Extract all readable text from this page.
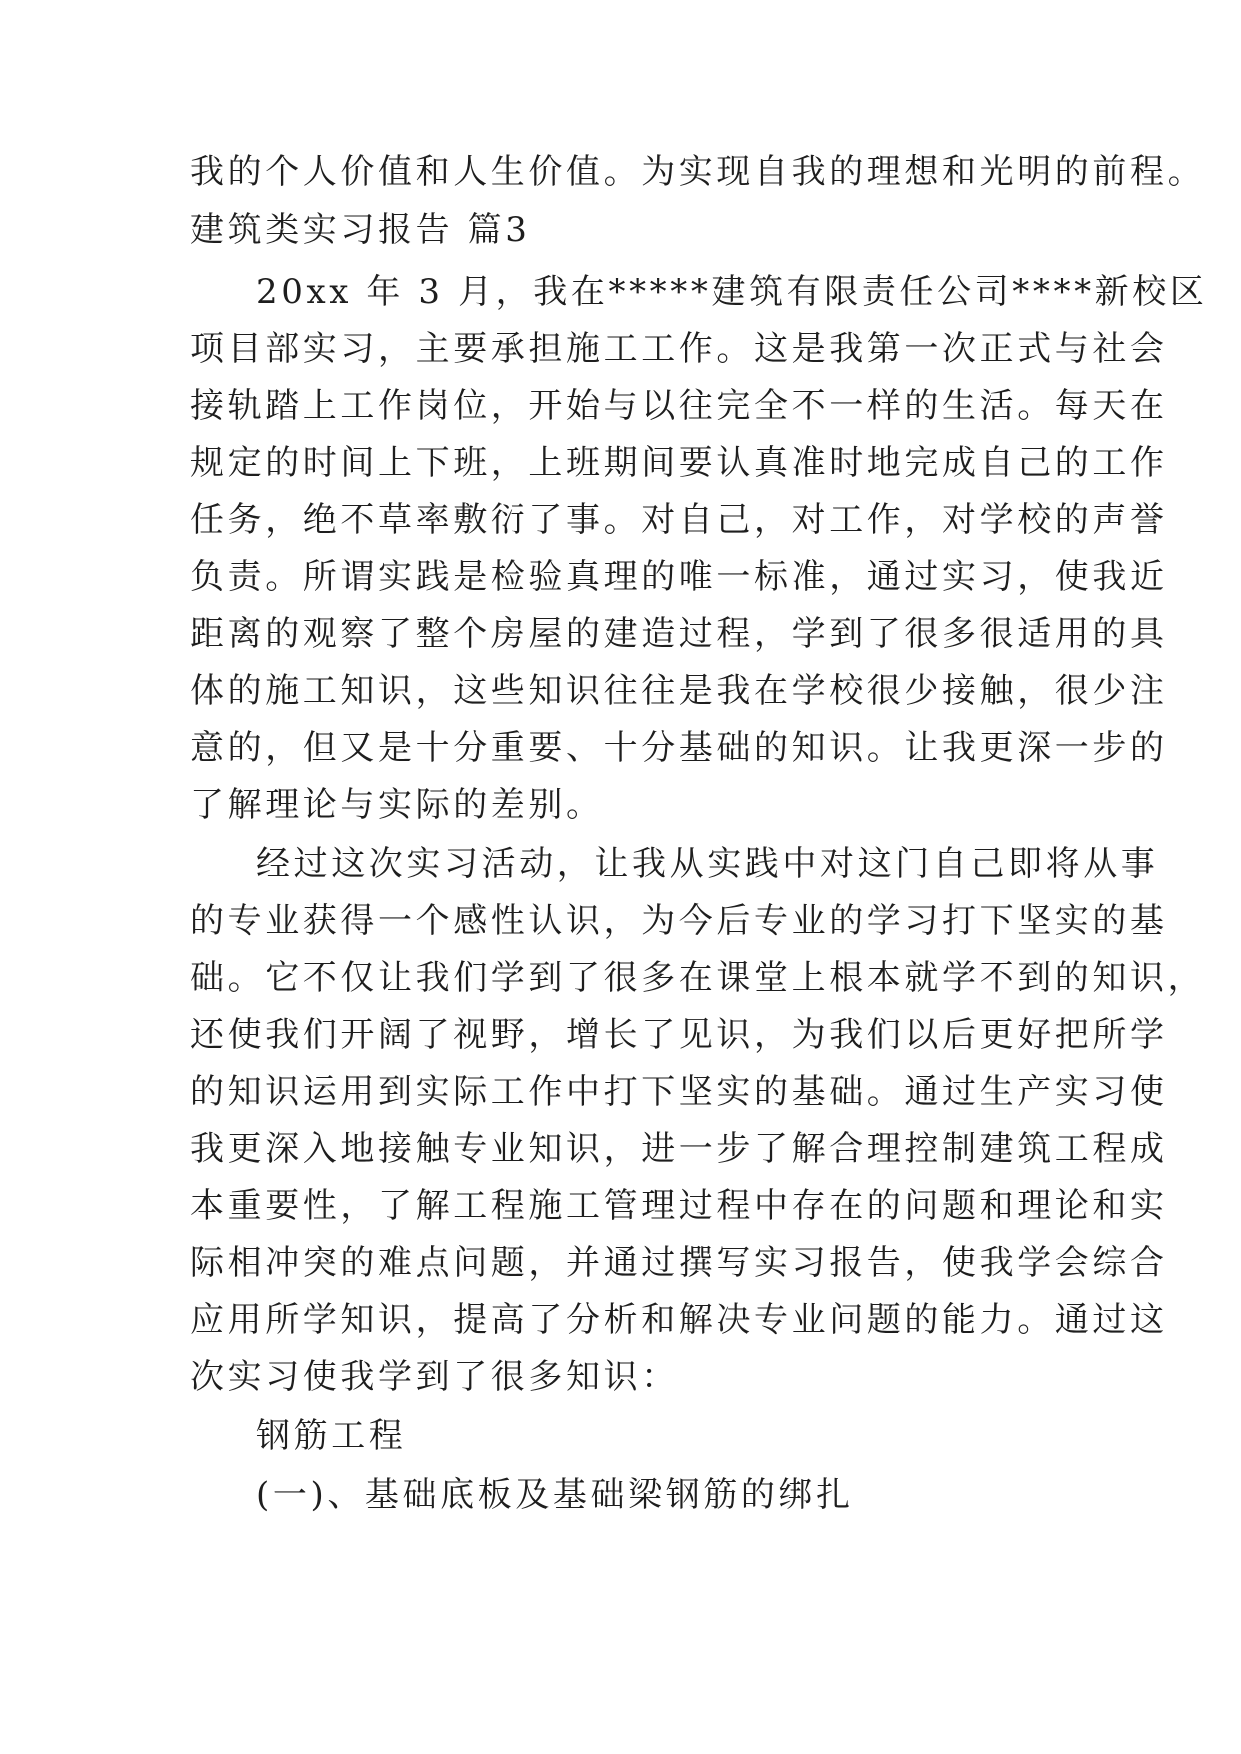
我的个人价值和人生价值。为实现自我的理想和光明的前程。
建筑类实习报告 篇3
20xx 年 3 月，我在*****建筑有限责任公司****新校区
项目部实习，主要承担施工工作。这是我第一次正式与社会
接轨踏上工作岗位，开始与以往完全不一样的生活。每天在
规定的时间上下班，上班期间要认真准时地完成自己的工作
任务，绝不草率敷衍了事。对自己，对工作，对学校的声誉
负责。所谓实践是检验真理的唯一标准，通过实习，使我近
距离的观察了整个房屋的建造过程，学到了很多很适用的具
体的施工知识，这些知识往往是我在学校很少接触，很少注
意的，但又是十分重要、十分基础的知识。让我更深一步的
了解理论与实际的差别。
经过这次实习活动，让我从实践中对这门自己即将从事
的专业获得一个感性认识，为今后专业的学习打下坚实的基
础。它不仅让我们学到了很多在课堂上根本就学不到的知识，
还使我们开阔了视野，增长了见识，为我们以后更好把所学
的知识运用到实际工作中打下坚实的基础。通过生产实习使
我更深入地接触专业知识，进一步了解合理控制建筑工程成
本重要性，了解工程施工管理过程中存在的问题和理论和实
际相冲突的难点问题，并通过撰写实习报告，使我学会综合
应用所学知识，提高了分析和解决专业问题的能力。通过这
次实习使我学到了很多知识：
钢筋工程
(一)、基础底板及基础梁钢筋的绑扎
